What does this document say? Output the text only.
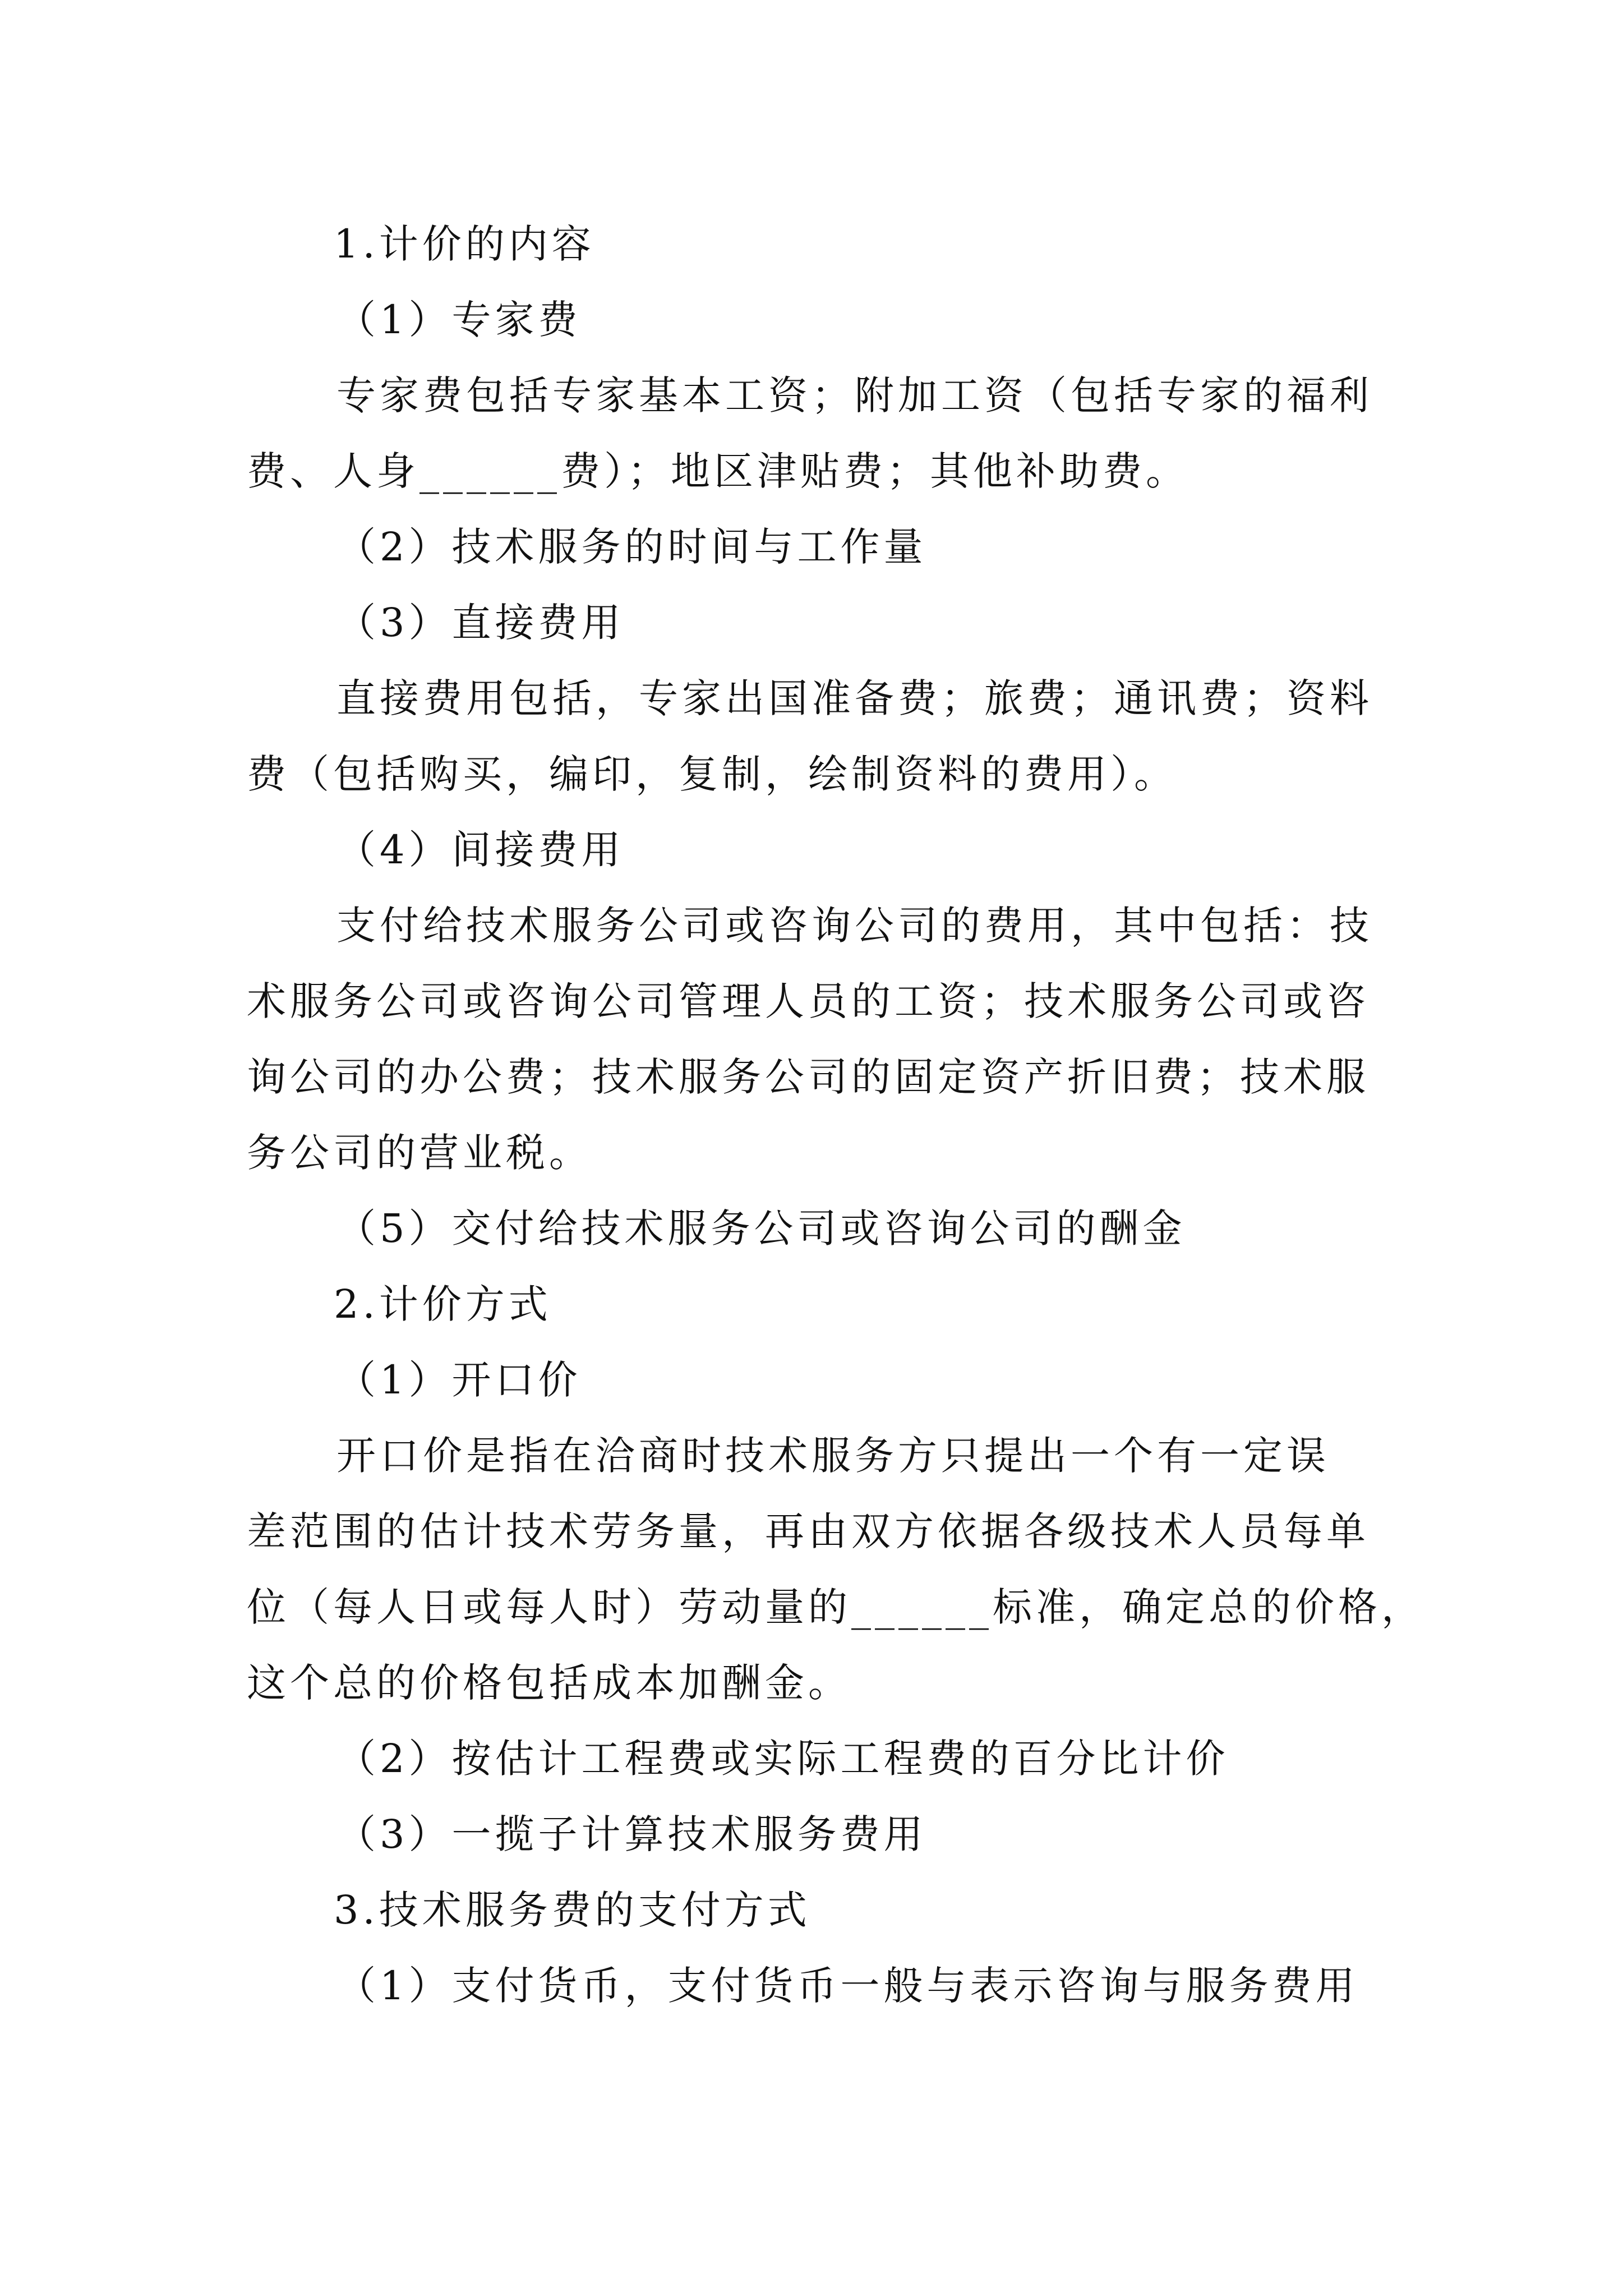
1.计价的内容
（1）专家费
专家费包括专家基本工资；附加工资（包括专家的福利
费、人身______费）；地区津贴费；其他补助费。
（2）技术服务的时间与工作量
（3）直接费用
直接费用包括，专家出国准备费；旅费；通讯费；资料
费（包括购买，编印，复制，绘制资料的费用）。
（4）间接费用
支付给技术服务公司或咨询公司的费用，其中包括：技
术服务公司或咨询公司管理人员的工资；技术服务公司或咨
询公司的办公费；技术服务公司的固定资产折旧费；技术服
务公司的营业税。
（5）交付给技术服务公司或咨询公司的酬金
2.计价方式
（1）开口价
开口价是指在洽商时技术服务方只提出一个有一定误
差范围的估计技术劳务量，再由双方依据各级技术人员每单
位（每人日或每人时）劳动量的______标准，确定总的价格，
这个总的价格包括成本加酬金。
（2）按估计工程费或实际工程费的百分比计价
（3）一揽子计算技术服务费用
3.技术服务费的支付方式
（1）支付货币，支付货币一般与表示咨询与服务费用
